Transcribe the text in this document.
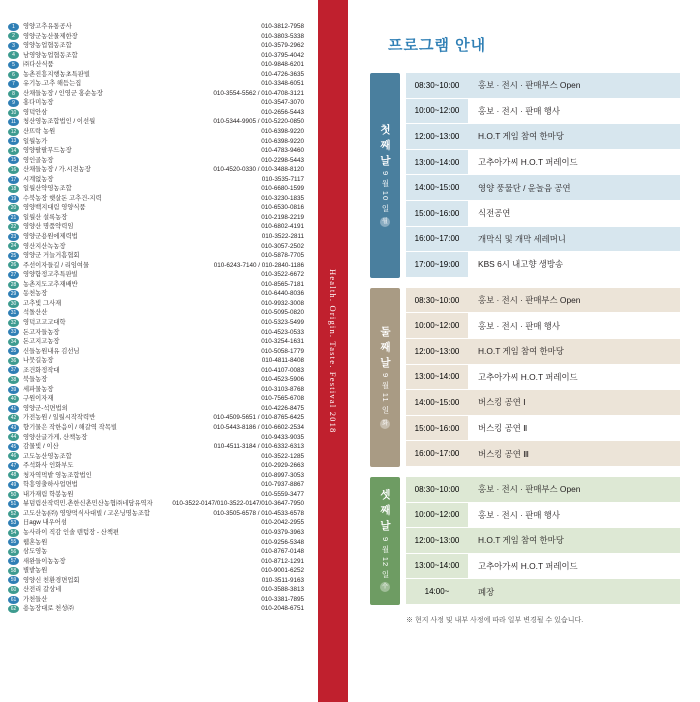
1	영양고추유통공사	010-3812-7958
2	영양군농산물제한장	010-3803-5338
3	영양농업협동조합	010-3579-2962
4	남영양농업협동조합	010-3795-4042
5	㈜다산식품	010-9848-6201
6	농촌진흥지행농초특판빌	010-4726-3635
7	유기농.고추 해듬는집	010-3348-6051
8	산채들농장 / 인영군 홍순농장	010-3554-5562 / 010-4708-3121
9	홍다미농장	010-3547-3070
10	영덕안삼	010-2656-5443
11	청산영농조합법인 / 이선월	010-5344-9905 / 010-5220-0850
12	산뜨락 농원	010-6398-9220
13	일월농가	010-6398-9220
14	영양팔팔무드농장	010-4783-9460
15	영인골농장	010-2298-5443
16	산채들농장 / 가.시전농장	010-4520-0330 / 010-3488-8120
17	시계없농장	010-3535-7117
18	일월산약영농조합	010-6680-1599
19	수북농장 햇살돈 고추건-지력	010-3230-1835
20	영양백지대림 영양식품	010-6530-0816
21	일월산 설록농장	010-2198-2219
22	영양산 명품약력임	010-6802-4191
23	영양군용원에제력법	010-3522-2811
24	영산지산녹농장	010-3057-2502
25	영양군 거늘거흠협회	010-5878-7705
26	주선이자들길 / 리임여물	010-6243-7140 / 010-2840-1186
27	영양함정고추특판빌	010-3522-6672
28	농촌지도고추재배반	010-8565-7181
29	동천농장	010-6440-8036
30	고추빛 그사재	010-9932-3008
31	석돌산산	010-5095-0820
32	영덕고고고대학	010-5323-5499
33	돈고자들농장	010-4523-0533
34	돈고지고농장	010-3254-1631
35	신들농원내유 김선님	010-5058-1779
36	나뭇길농장	010-4811-8408
37	조건화정작대	010-4107-0083
38	북들농장	010-4523-5906
39	세파물농장	010-3103-8768
40	구원이자재	010-7565-6708
41	영양군-석면법외	010-4226-8475
42	가전농원 / 일월시작작력반	010-4509-5651 / 010-8765-6425
43	향기물은 작한음이 / 해갈역 작목빌	010-5443-8186 / 010-6602-2534
44	영양산글가게, 산책농장	010-9433-9035
45	감물빛 / 이산	010-4511-3184 / 010-6332-6313
46	고도농산영농조합	010-3522-1285
47	주석화사 인화부도	010-2929-2663
48	청자역먹밭 영농조합법인	010-8997-3053
49	학흥영출하사업면법	010-7937-8867
50	내가재림 학봉농원	010-5559-3477
51	뷰덤림산작력민.촌한신촌민산농협㈜네담유역자	010-3522-0147/010-3522-0147/010-3647-7950
52	고도산농(㈜) 영양먹식사대빌 / 고온닝명농조합	010-3505-6578 / 010-4533-6578
53	日agw 내우어섬	010-2042-2955
54	농사라이 직감 인솔 텐텀장 - 산책편	010-9379-3963
55	웹혼농원	010-9256-5348
56	삼도영농	010-8767-0148
57	새완들이농농장	010-8712-1291
58	별밭농원	010-9001-6252
59	영양신 친환경면업회	010-3511-9163
60	산전리 갈상네	010-3588-3813
61	가천들산	010-3381-7895
62	용농장대로 천성㈜	010-2048-6751
Health. Origin. Taste. Festival 2018
프로그램 안내
첫 째 날
9 월 10 일
월
08:30~10:00	홍보 · 전시 · 판매부스 Open
10:00~12:00	홍보 · 전시 · 판매 행사
12:00~13:00	H.O.T 게임 참여 한마당
13:00~14:00	고추아가씨 H.O.T 퍼레이드
14:00~15:00	영양 풍물단 / 윤놀음 공연
15:00~16:00	식전공연
16:00~17:00	개막식 및 개막 세레머니
17:00~19:00	KBS 6시 내고향 생방송
둘 째 날
9 월 11 일
화
08:30~10:00	홍보 · 전시 · 판매부스 Open
10:00~12:00	홍보 · 전시 · 판매 행사
12:00~13:00	H.O.T 게임 참여 한마당
13:00~14:00	고추아가씨 H.O.T 퍼레이드
14:00~15:00	버스킹 공연 Ⅰ
15:00~16:00	버스킹 공연 Ⅱ
16:00~17:00	버스킹 공연 Ⅲ
셋 째 날
9 월 12 일
수
08:30~10:00	홍보 · 전시 · 판매부스 Open
10:00~12:00	홍보 · 전시 · 판매 행사
12:00~13:00	H.O.T 게임 참여 한마당
13:00~14:00	고추아가씨 H.O.T 퍼레이드
14:00~	폐장
※ 현지 사정 및 내부 사정에 따라 일부 변경될 수 있습니다.
